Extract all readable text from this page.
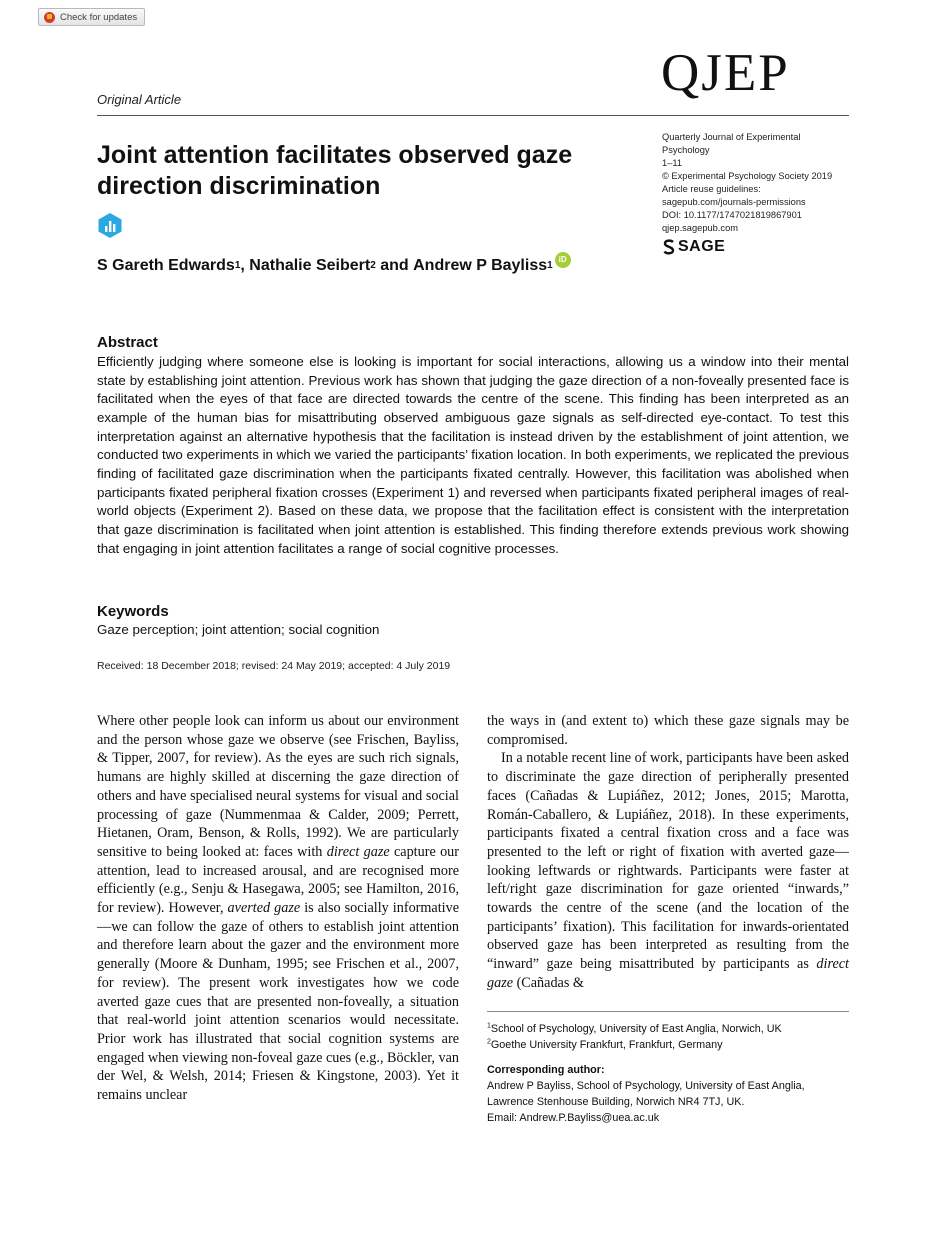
Check for updates
Original Article	QJEP
Quarterly Journal of Experimental
Psychology
1–11
© Experimental Psychology Society 2019
Article reuse guidelines:
sagepub.com/journals-permissions
DOI: 10.1177/1747021819867901
qjep.sagepub.com
SAGE
Joint attention facilitates observed gaze direction discrimination
S Gareth Edwards 1 , Nathalie Seibert 2 and Andrew P Bayliss 1
iD
Abstract

Efficiently judging where someone else is looking is important for social interactions, allowing us a window into their mental state by establishing joint attention. Previous work has shown that judging the gaze direction of a non-foveally presented face is facilitated when the eyes of that face are directed towards the centre of the scene. This finding has been interpreted as an example of the human bias for misattributing observed ambiguous gaze signals as self-directed eye-contact. To test this interpretation against an alternative hypothesis that the facilitation is instead driven by the establishment of joint attention, we conducted two experiments in which we varied the participants’ fixation location. In both experiments, we replicated the previous finding of facilitated gaze discrimination when the participants fixated centrally. However, this facilitation was abolished when participants fixated peripheral fixation crosses (Experiment 1) and reversed when participants fixated peripheral images of real-world objects (Experiment 2). Based on these data, we propose that the facilitation effect is consistent with the interpretation that gaze discrimination is facilitated when joint attention is established. This finding therefore extends previous work showing that engaging in joint attention facilitates a range of social cognitive processes.

Keywords

Gaze perception; joint attention; social cognition

Received: 18 December 2018; revised: 24 May 2019; accepted: 4 July 2019

Where other people look can inform us about our environment and the person whose gaze we observe (see Frischen, Bayliss, & Tipper, 2007, for review). As the eyes are such rich signals, humans are highly skilled at discerning the gaze direction of others and have specialised neural systems for visual and social processing of gaze (Nummenmaa & Calder, 2009; Perrett, Hietanen, Oram, Benson, & Rolls, 1992). We are particularly sensitive to being looked at: faces with direct gaze capture our attention, lead to increased arousal, and are recognised more efficiently (e.g., Senju & Hasegawa, 2005; see Hamilton, 2016, for review). However, averted gaze is also socially informative—we can follow the gaze of others to establish joint attention and therefore learn about the gazer and the environment more generally (Moore & Dunham, 1995; see Frischen et al., 2007, for review). The present work investigates how we code averted gaze cues that are presented non-foveally, a situation that real-world joint attention scenarios would necessitate. Prior work has illustrated that social cognition systems are engaged when viewing non-foveal gaze cues (e.g., Böckler, van der Wel, & Welsh, 2014; Friesen & Kingstone, 2003). Yet it remains unclear

the ways in (and extent to) which these gaze signals may be compromised.

In a notable recent line of work, participants have been asked to discriminate the gaze direction of peripherally presented faces (Cañadas & Lupiáñez, 2012; Jones, 2015; Marotta, Román-Caballero, & Lupiáñez, 2018). In these experiments, participants fixated a central fixation cross and a face was presented to the left or right of fixation with averted gaze—looking leftwards or rightwards. Participants were faster at left/right gaze discrimination for gaze oriented “inwards,” towards the centre of the scene (and the location of the participants’ fixation). This facilitation for inwards-orientated observed gaze has been interpreted as resulting from the “inward” gaze being misattributed by participants as direct gaze (Cañadas &

$^1$School of Psychology, University of East Anglia, Norwich, UK
$^2$Goethe University Frankfurt, Frankfurt, Germany
Corresponding author:
Andrew P Bayliss, School of Psychology, University of East Anglia,
Lawrence Stenhouse Building, Norwich NR4 7TJ, UK.
Email: Andrew.P.Bayliss@uea.ac.uk
